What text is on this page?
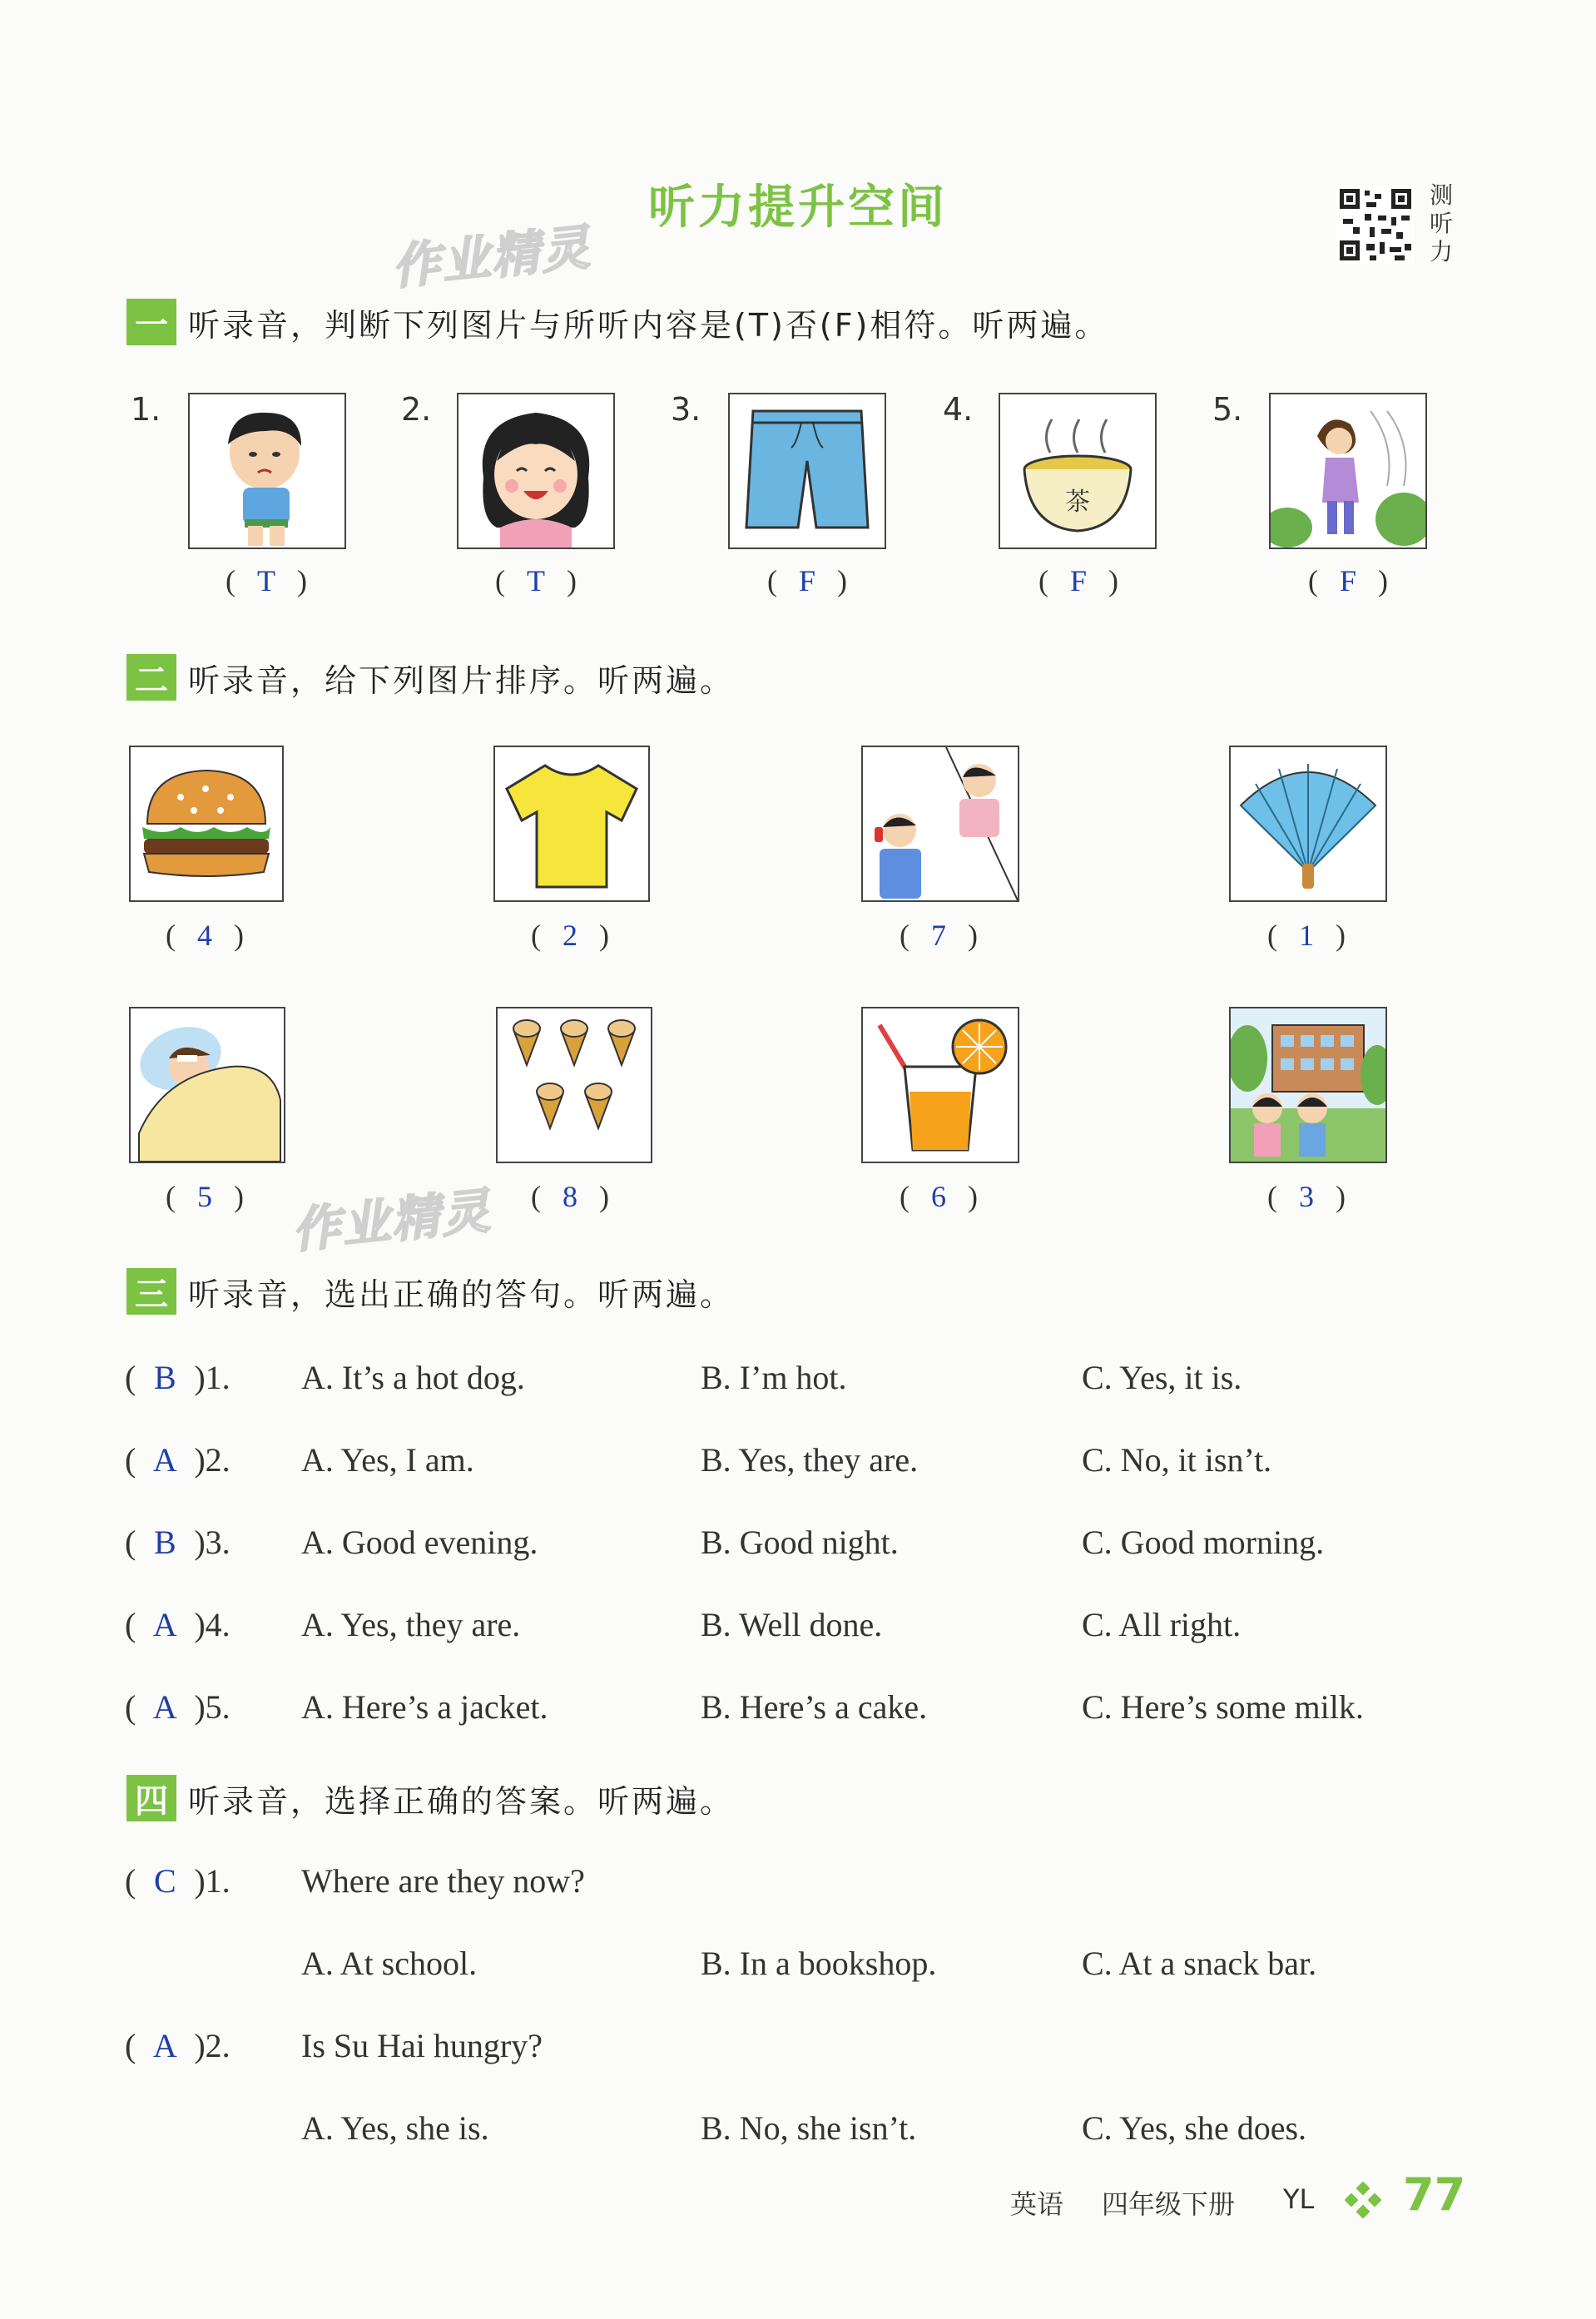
听力提升空间	测听力
作业精灵
作业精灵
一 听录音，判断下列图片与所听内容是(T)否(F)相符。听两遍。
1.
( T )
2.
( T )
3.
( F )
4.
茶
( F )
5.
( F )
二 听录音，给下列图片排序。听两遍。
( 4 )	( 2 )	( 7 )	( 1 )
( 5 )	( 8 )	( 6 )	( 3 )
三 听录音，选出正确的答句。听两遍。
( B )1. A. It’s a hot dog.	B. I’m hot.	C. Yes, it is.
( A )2. A. Yes, I am.	B. Yes, they are.	C. No, it isn’t.
( B )3. A. Good evening.	B. Good night.	C. Good morning.
( A )4. A. Yes, they are.	B. Well done.	C. All right.
( A )5. A. Here’s a jacket.	B. Here’s a cake.	C. Here’s some milk.
四 听录音，选择正确的答案。听两遍。
( C )1. Where are they now?
A. At school.	B. In a bookshop.	C. At a snack bar.
( A )2. Is Su Hai hungry?
A. Yes, she is.	B. No, she isn’t.	C. Yes, she does.
英语 四年级下册 YL 77
